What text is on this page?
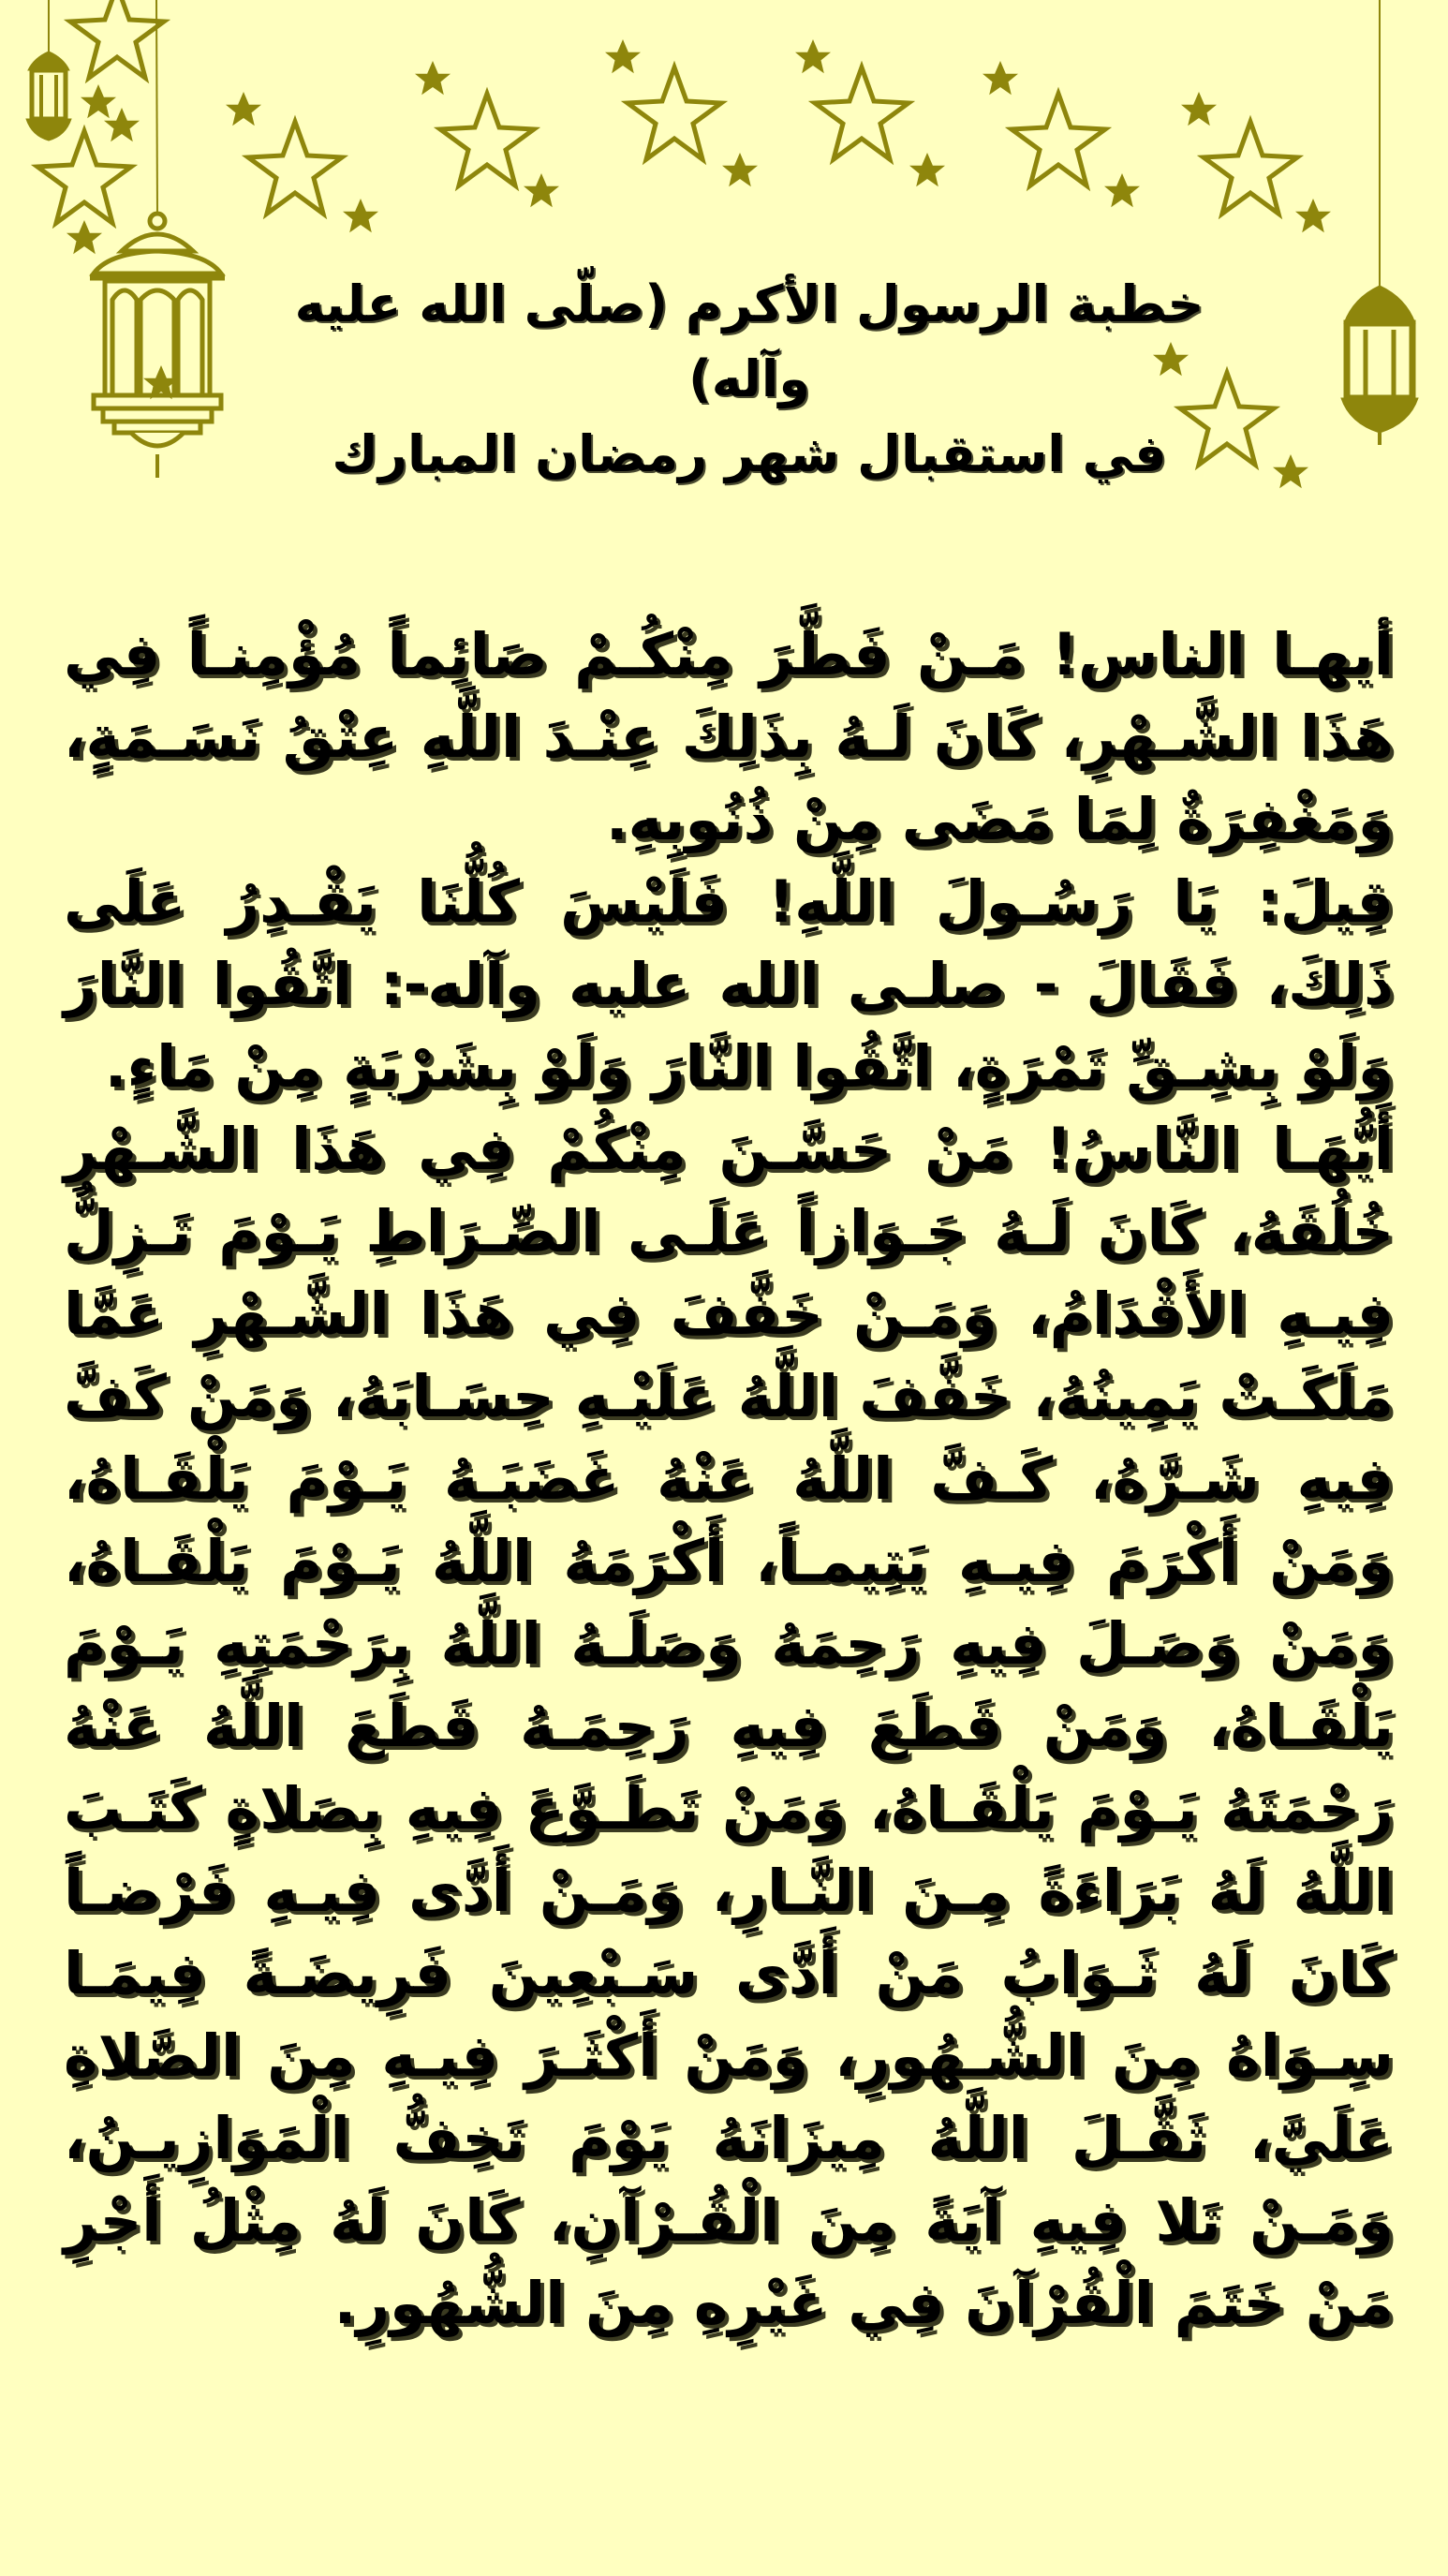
خطبة الرسول الأكرم (صلّى الله عليه وآله)
في استقبال شهر رمضان المبارك

أيهـا الناس! مَـنْ فَطَّرَ مِنْكُـمْ صَائِماً مُؤْمِنـاً فِي هَذَا الشَّـهْرِ، كَانَ لَـهُ بِذَلِكَ عِنْـدَ اللَّهِ عِتْقُ نَسَـمَةٍ، وَمَغْفِرَةٌ لِمَا مَضَى مِنْ ذُنُوبِهِ.

قِيلَ: يَا رَسُـولَ اللَّهِ! فَلَيْسَ كُلُّنَا يَقْـدِرُ عَلَى ذَلِكَ، فَقَالَ - صلـى الله عليه وآله-: اتَّقُوا النَّارَ وَلَوْ بِشِـقِّ تَمْرَةٍ، اتَّقُوا النَّارَ وَلَوْ بِشَرْبَةٍ مِنْ مَاءٍ.

أَيُّهَـا النَّاسُ! مَنْ حَسَّـنَ مِنْكُمْ فِي هَذَا الشَّـهْرِ خُلُقَهُ، كَانَ لَـهُ جَـوَازاً عَلَـى الصِّـرَاطِ يَـوْمَ تَـزِلُّ فِيـهِ الأَقْدَامُ، وَمَـنْ خَفَّفَ فِي هَذَا الشَّـهْرِ عَمَّا مَلَكَـتْ يَمِينُهُ، خَفَّفَ اللَّهُ عَلَيْـهِ حِسَـابَهُ، وَمَنْ كَفَّ فِيهِ شَـرَّهُ، كَـفَّ اللَّهُ عَنْهُ غَضَبَـهُ يَـوْمَ يَلْقَـاهُ، وَمَنْ أَكْرَمَ فِيـهِ يَتِيمـاً، أَكْرَمَهُ اللَّهُ يَـوْمَ يَلْقَـاهُ، وَمَنْ وَصَـلَ فِيهِ رَحِمَهُ وَصَلَـهُ اللَّهُ بِرَحْمَتِهِ يَـوْمَ يَلْقَـاهُ، وَمَنْ قَطَعَ فِيهِ رَحِمَـهُ قَطَعَ اللَّهُ عَنْهُ رَحْمَتَهُ يَـوْمَ يَلْقَـاهُ، وَمَنْ تَطَـوَّعَ فِيهِ بِصَلاةٍ كَتَـبَ اللَّهُ لَهُ بَرَاءَةً مِـنَ النَّـارِ، وَمَـنْ أَدَّى فِيـهِ فَرْضـاً كَانَ لَهُ ثَـوَابُ مَنْ أَدَّى سَـبْعِينَ فَرِيضَـةً فِيمَـا سِـوَاهُ مِنَ الشُّـهُورِ، وَمَنْ أَكْثَـرَ فِيـهِ مِنَ الصَّلاةِ عَلَيَّ، ثَقَّـلَ اللَّهُ مِيزَانَهُ يَوْمَ تَخِفُّ الْمَوَازِيـنُ، وَمَـنْ تَلا فِيهِ آيَةً مِنَ الْقُـرْآنِ، كَانَ لَهُ مِثْلُ أَجْرِ مَنْ خَتَمَ الْقُرْآنَ فِي غَيْرِهِ مِنَ الشُّهُورِ.
